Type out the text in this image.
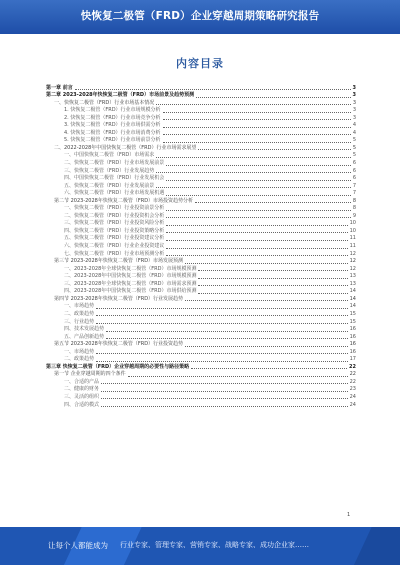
快恢复二极管（FRD）企业穿越周期策略研究报告
内容目录
第一章 前言	3
第二章 2023-2028年快恢复二极管（FRD）市场前景及趋势预测	3
一、快恢复二极管（FRD）行业市场基本情况	3
1. 快恢复二极管（FRD）行业市场规模分析	3
2. 快恢复二极管（FRD）行业市场竞争分析	3
3. 快恢复二极管（FRD）行业市场供需分析	4
4. 快恢复二极管（FRD）行业市场消费分析	4
5. 快恢复二极管（FRD）行业市场前景分析	5
二、2022-2028年中国快恢复二极管（FRD）行业市场需求展望	5
一、中国快恢复二极管（FRD）市场需求	5
二、快恢复二极管（FRD）行业市场发展前景	6
三、快恢复二极管（FRD）行业发展趋势	6
四、中国快恢复二极管（FRD）行业发展机会	6
五、快恢复二极管（FRD）行业发展前景	7
六、快恢复二极管（FRD）行业市场发展机遇	7
第二节 2023-2028年快恢复二极管（FRD）市场投资趋势分析	8
一、快恢复二极管（FRD）行业投资前景分析	8
二、快恢复二极管（FRD）行业投资机会分析	9
三、快恢复二极管（FRD）行业投资风险分析	10
四、快恢复二极管（FRD）行业投资策略分析	10
五、快恢复二极管（FRD）行业投资建议分析	11
六、快恢复二极管（FRD）行业企业投资建议	11
七、快恢复二极管（FRD）行业市场预测分析	12
第三节 2023-2028年快恢复二极管（FRD）市场发展预测	12
一、2023-2028年全球快恢复二极管（FRD）市场规模预测	12
二、2023-2028年中国快恢复二极管（FRD）市场规模预测	13
三、2023-2028年全球快恢复二极管（FRD）市场需求预测	13
四、2023-2028年中国快恢复二极管（FRD）市场供给预测	14
第四节 2023-2028年快恢复二极管（FRD）行业发展趋势	14
一、市场趋势	14
二、政策趋势	15
三、行业趋势	15
四、技术发展趋势	16
五、产品创新趋势	16
第五节 2023-2028年快恢复二极管（FRD）行业投资趋势	16
一、市场趋势	16
二、政策趋势	17
第三章 快恢复二极管（FRD）企业穿越周期的必要性与路径策略	22
第一节 企业穿越周期的四个条件	22
一、合适的产品	22
二、健康的财务	23
三、灵活的组织	24
四、合适的模式	24
1
让每个人都能成为 行业专家、管理专家、营销专家、战略专家、成功企业家……
